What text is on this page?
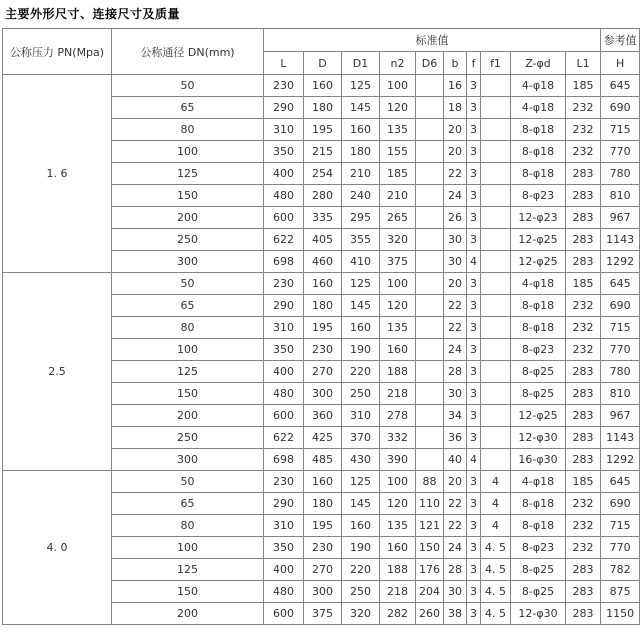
主要外形尺寸、连接尺寸及质量
公称压力 PN(Mpa)	公称通径 DN(mm)	标准值										参考值
		L	D	D1	n2	D6	b	f	f1	Z-φd	L1	H
1. 6	50	230	160	125	100		16	3		4-φ18	185	645
	65	290	180	145	120		18	3		4-φ18	232	690
	80	310	195	160	135		20	3		8-φ18	232	715
	100	350	215	180	155		20	3		8-φ18	232	770
	125	400	254	210	185		22	3		8-φ18	283	780
	150	480	280	240	210		24	3		8-φ23	283	810
	200	600	335	295	265		26	3		12-φ23	283	967
	250	622	405	355	320		30	3		12-φ25	283	1143
	300	698	460	410	375		30	4		12-φ25	283	1292
2.5	50	230	160	125	100		20	3		4-φ18	185	645
	65	290	180	145	120		22	3		8-φ18	232	690
	80	310	195	160	135		22	3		8-φ18	232	715
	100	350	230	190	160		24	3		8-φ23	232	770
	125	400	270	220	188		28	3		8-φ25	283	780
	150	480	300	250	218		30	3		8-φ25	283	810
	200	600	360	310	278		34	3		12-φ25	283	967
	250	622	425	370	332		36	3		12-φ30	283	1143
	300	698	485	430	390		40	4		16-φ30	283	1292
4. 0	50	230	160	125	100	88	20	3	4	4-φ18	185	645
	65	290	180	145	120	110	22	3	4	8-φ18	232	690
	80	310	195	160	135	121	22	3	4	8-φ18	232	715
	100	350	230	190	160	150	24	3	4. 5	8-φ23	232	770
	125	400	270	220	188	176	28	3	4. 5	8-φ25	283	782
	150	480	300	250	218	204	30	3	4. 5	8-φ25	283	875
	200	600	375	320	282	260	38	3	4. 5	12-φ30	283	1150
